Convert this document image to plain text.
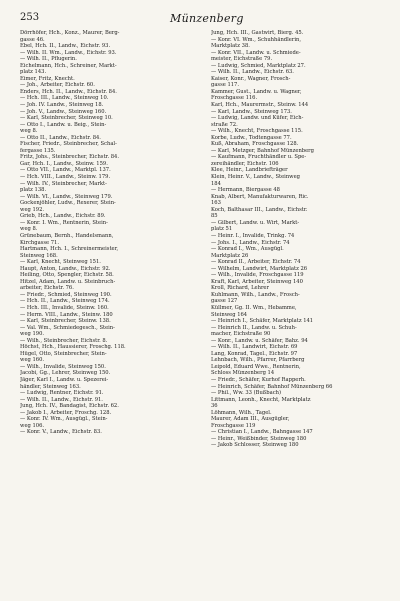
253	Münzenberg
Dörrhöfer, Hch., Konz., Maurer, Berg-
gasse 46.
Ebel, Hch. II., Landw., Eichstr. 93.
— Wilh. II. Wm., Landw., Eichstr. 93.
— Wilh. II., Pflugerin.
Eichelmann, Hch., Schreiner, Markt-
platz 143.
Eimer, Fritz, Knecht.
— Joh., Arbeiter, Eichstr. 60.
Enders, Hch. II., Landw., Eichstr. 84.
— Hch. III., Landw., Steinweg 10.
— Joh. IV. Landw., Steinweg 18.
— Joh. V., Landw., Steinweg 160.
— Karl, Steinbrecher, Steinweg 10.
— Otto I., Landw. u. Beig., Stein-
weg 8.
— Otto II., Landw., Eichstr. 84.
Fischer, Friedr., Steinbrecher, Schal-
fergasse 135.
Fritz, Johs., Steinbrecher, Eichstr. 84.
Gar, Hch. I., Landw., Steinw. 159.
— Otto VII., Landw., Marktpl. 137.
— Hch. VIII., Landw., Steinw. 179.
— Wilh. IV., Steinbrecher, Markt-
platz 138.
— Wilh. VI., Landw., Steinweg 179.
Gockenjöhler, Ludw., Rexerer, Stein-
weg 192.
Grieb, Hch., Landw., Eichstr. 89.
— Konr. I. Wm., Rentnerin, Stein-
weg 8.
Grünebaum, Bernh., Handelsmann,
Kirchgasse 71.
Hartmann, Hch. I., Schreinermeister,
Steinweg 168.
— Karl, Knecht, Steinweg 151.
Haupt, Anton, Landw., Eichstr. 92.
Heiling, Otto, Spengler, Eichstr. 58.
Hitzel, Adam, Landw. u. Steinbruch-
arbeiter, Eichstr. 76.
— Friedr., Schmied, Steinweg 190.
— Hch. II., Landw., Steinweg 174.
— Hch. III., Invalide, Steinw. 160.
— Herm. VIII., Landw., Steinw. 180
— Karl, Steinbrecher, Steinw. 138.
— Val. Wm., Schmiedegesch., Stein-
weg 190.
— Wilh., Steinbrecher, Eichstr. 8.
Höchst, Hch., Haussierer, Froschg. 118.
Hügel, Otto, Steinbrecher, Stein-
weg 160.
— Wilh., Invalide, Steinweg 150.
Jacobi, Gg., Lehrer, Steinweg 150.
Jäger, Karl I., Landw. u. Spezerei-
händler, Steinweg 163.
— Ludwig, Rentner, Eichstr. 91.
— Wilh. II., Landw., Eichstr. 91.
Jung, Hch. IV., Bandagist, Eichstr. 62.
— Jakob I., Arbeiter, Froschg. 128.
— Konr. IV. Wm., Ausgügl., Stein-
weg 106.
— Konr. V., Landw., Eichstr. 83.
Jung, Hch. III., Gastwirt, Bierg. 45.
— Konr. VI. Wm., Schuhhändlerin,
Marktplatz 38.
— Konr. VII., Landw. u. Schmiede-
meister, Eichstraße 79.
— Ludwig, Schmied, Marktplatz 27.
— Wilh. II., Landw., Eichstr. 63.
Kaiser, Konr., Wagner, Frosch-
gasse 117.
Kammer, Gust., Landw. u. Wagner,
Froschgasse 116.
Karl, Hch., Maurermstr., Steinw. 144
— Karl, Landw., Steinweg 173.
— Ludwig, Landw. und Küfer, Eich-
straße 72.
— Wilh., Knecht, Froschgasse 115.
Korbe, Ludw., Todtengasse 77.
Kuß, Abraham, Froschgasse 128.
— Karl, Metzger, Bahnhof Münzenberg
— Kaufmann, Fruchthändler u. Spe-
zereihändler, Eichstr. 106
Klee, Heinr., Landbriefträger
Klein, Heinr. V., Landw., Steinweg
184
— Hermann, Biergasse 48
Knab, Albert, Manufakturwaren, Ric.
163
Koch, Balthasar III., Landw., Eichstr.
85
— Gilbert, Landw. u. Wirt, Markt-
platz 51
— Heinr. I., Invalide, Trinkg. 74
— Johs. I., Landw., Eichstr. 74
— Konrad I., Wm., Ausgügl.
Marktplatz 26
— Konrad II., Arbeiter, Eichstr. 74
— Wilhelm, Landwirt, Marktplatz 26
— Wilh., Invalide, Froschgasse 119
Kraft, Karl, Arbeiter, Steinweg 140
Kroll, Richard, Lehrer
Kuhlmann, Wilh., Landw., Frosch-
gasse 127
Küllmer, Gg. II. Wm., Hebamme,
Steinweg 164
— Heinrich I., Schäfer, Marktplatz 141
— Heinrich II., Landw. u. Schuh-
macher, Eichstraße 90
— Konr., Landw. u. Schäfer, Bahz. 94
— Wilh. II., Landwirt, Eichstr. 69
Lang, Konrad, Tagel., Eichstr. 97
Lehnbach, Wilh., Pfarrer, Pfarrberg
Leipold, Eduard Wwe., Rentnerin,
Schloss Münzenberg 14
— Friedr., Schäfer, Kurhof Rapperh.
— Heinrich, Schäfer, Bahnhof Münzenberg 66
— Phil., Ww. 33 (Bußbach)
Littmann, Leonh., Knecht, Marktplatz
36
Löhmann, Wilh., Tagel.
Maurer, Adam III., Ausgügler,
Froschgasse 119
— Christian I., Landw., Bahngasse 147
— Heinr., Weißbinder, Steinweg 180
— Jakob Schlosser, Steinweg 180
